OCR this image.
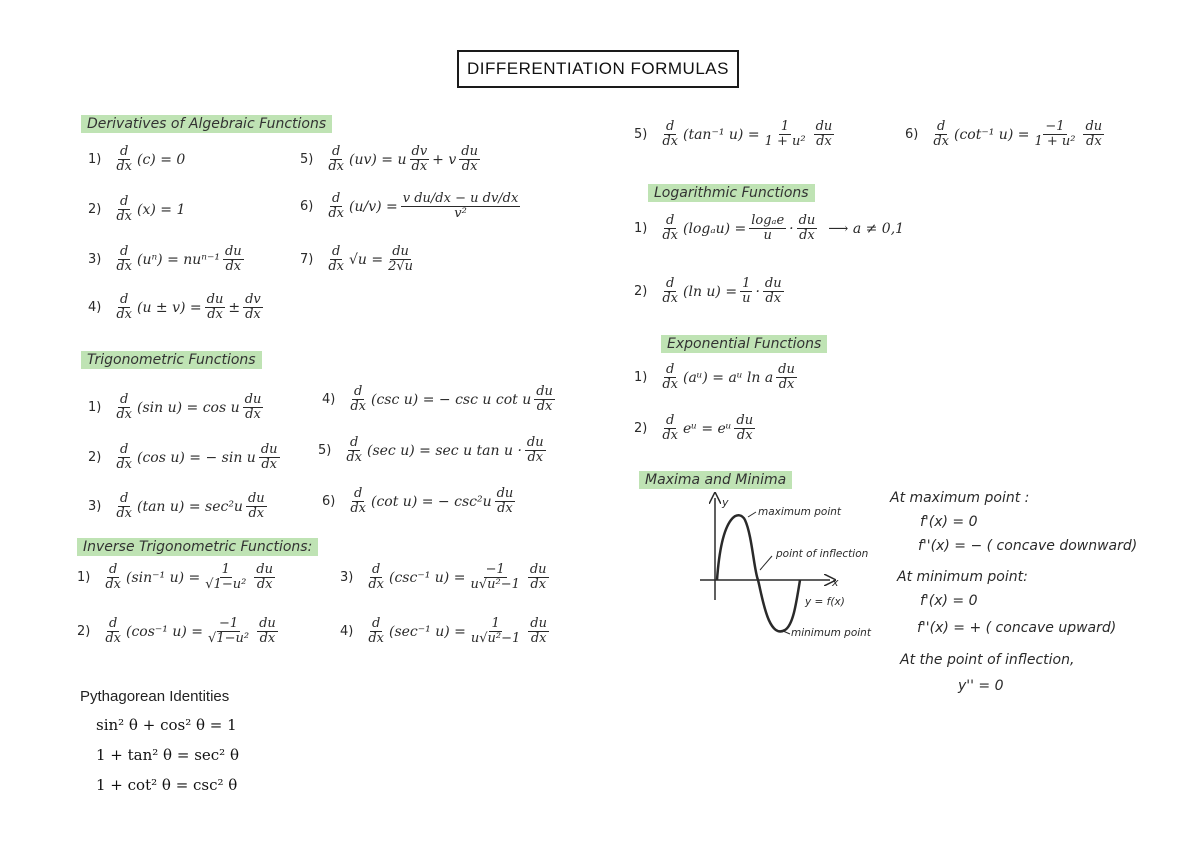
DIFFERENTIATION FORMULAS
Derivatives of Algebraic Functions
$1) \frac{d}{dx} (c) = 0$
$2) \frac{d}{dx} (x) = 1$
$3) \frac{d}{dx} (u^n) = nu^{n-1} \frac{du}{dx}$
$4) \frac{d}{dx} (u \pm v) = \frac{du}{dx} \pm \frac{dv}{dx}$
$5) \frac{d}{dx} (uv) = u \frac{dv}{dx} + v \frac{du}{dx}$
$6) \frac{d}{dx} (u/v) = \frac{\text{v du/dx − u dv/dx}}{\text{v²}}$
$7) \frac{d}{dx} √u = \frac{du}{2√u}$
Trigonometric Functions
$1) \frac{d}{dx} (\sin$ u) = cos u $\frac{du}{dx}$
$2) \frac{d}{dx} (\cos$ u) = − sin u $\frac{du}{dx}$
$3) \frac{d}{dx} (\tan$ $u) = \sec^2u \frac{du}{dx}$
$4) \frac{d}{dx} (\csc$ u) = − csc u cot u $\frac{du}{dx}$
$5) \frac{d}{dx} (\sec$ u) = sec u $\tan u \cdot \frac{du}{dx}$
$6) \frac{d}{dx} (\cot$ u) = − $\csc^2u \frac{du}{dx}$
Inverse Trigonometric Functions:
$1) \frac{d}{dx} (\sin^{-1}$ $u) = \frac{1}{\text{√1−u²}} \frac{du}{dx}$
$2) \frac{d}{dx} (\cos^{-1}$ $u) = \frac{-1}{\text{√1−u²}} \frac{du}{dx}$
$3) \frac{d}{dx} (\csc^{-1}$ $u) = \frac{-1}{\text{u√u²−1}} \frac{du}{dx}$
$4) \frac{d}{dx} (\sec^{-1}$ $u) = \frac{1}{\text{u√u²−1}} \frac{du}{dx}$
$5) \frac{d}{dx} (\tan^{-1}$ $u) = \frac{1}{\text{1 + u²}} \frac{du}{dx}$	$6) \frac{d}{dx} (\cot^{-1}$ $u) = \frac{-1}{\text{1 + u²}} \frac{du}{dx}$
Logarithmic Functions
$1) \frac{d}{dx} (\log_au) = \frac{\text{logₐe}}{u} \cdot \frac{du}{dx}$ ⟶ a ≠ 0,1
$2) \frac{d}{dx} (\ln$ $u) = \frac{1}{u} \cdot \frac{du}{dx}$
Exponential Functions
$1) \frac{d}{dx}$ (aᵘ) = aᵘ ln a $\frac{du}{dx}$
$2) \frac{d}{dx}$ eᵘ = eᵘ $\frac{du}{dx}$
Maxima and Minima
y
x
maximum point
point of inflection
y = f(x)
minimum point
At maximum point :
f'(x) = 0
f''(x) = − ( concave downward)
At minimum point:
f'(x) = 0
f''(x) = + ( concave upward)
At the point of inflection,
y'' = 0
Pythagorean Identities
sin² θ + cos² θ = 1
1 + tan² θ = sec² θ
1 + cot² θ = csc² θ
